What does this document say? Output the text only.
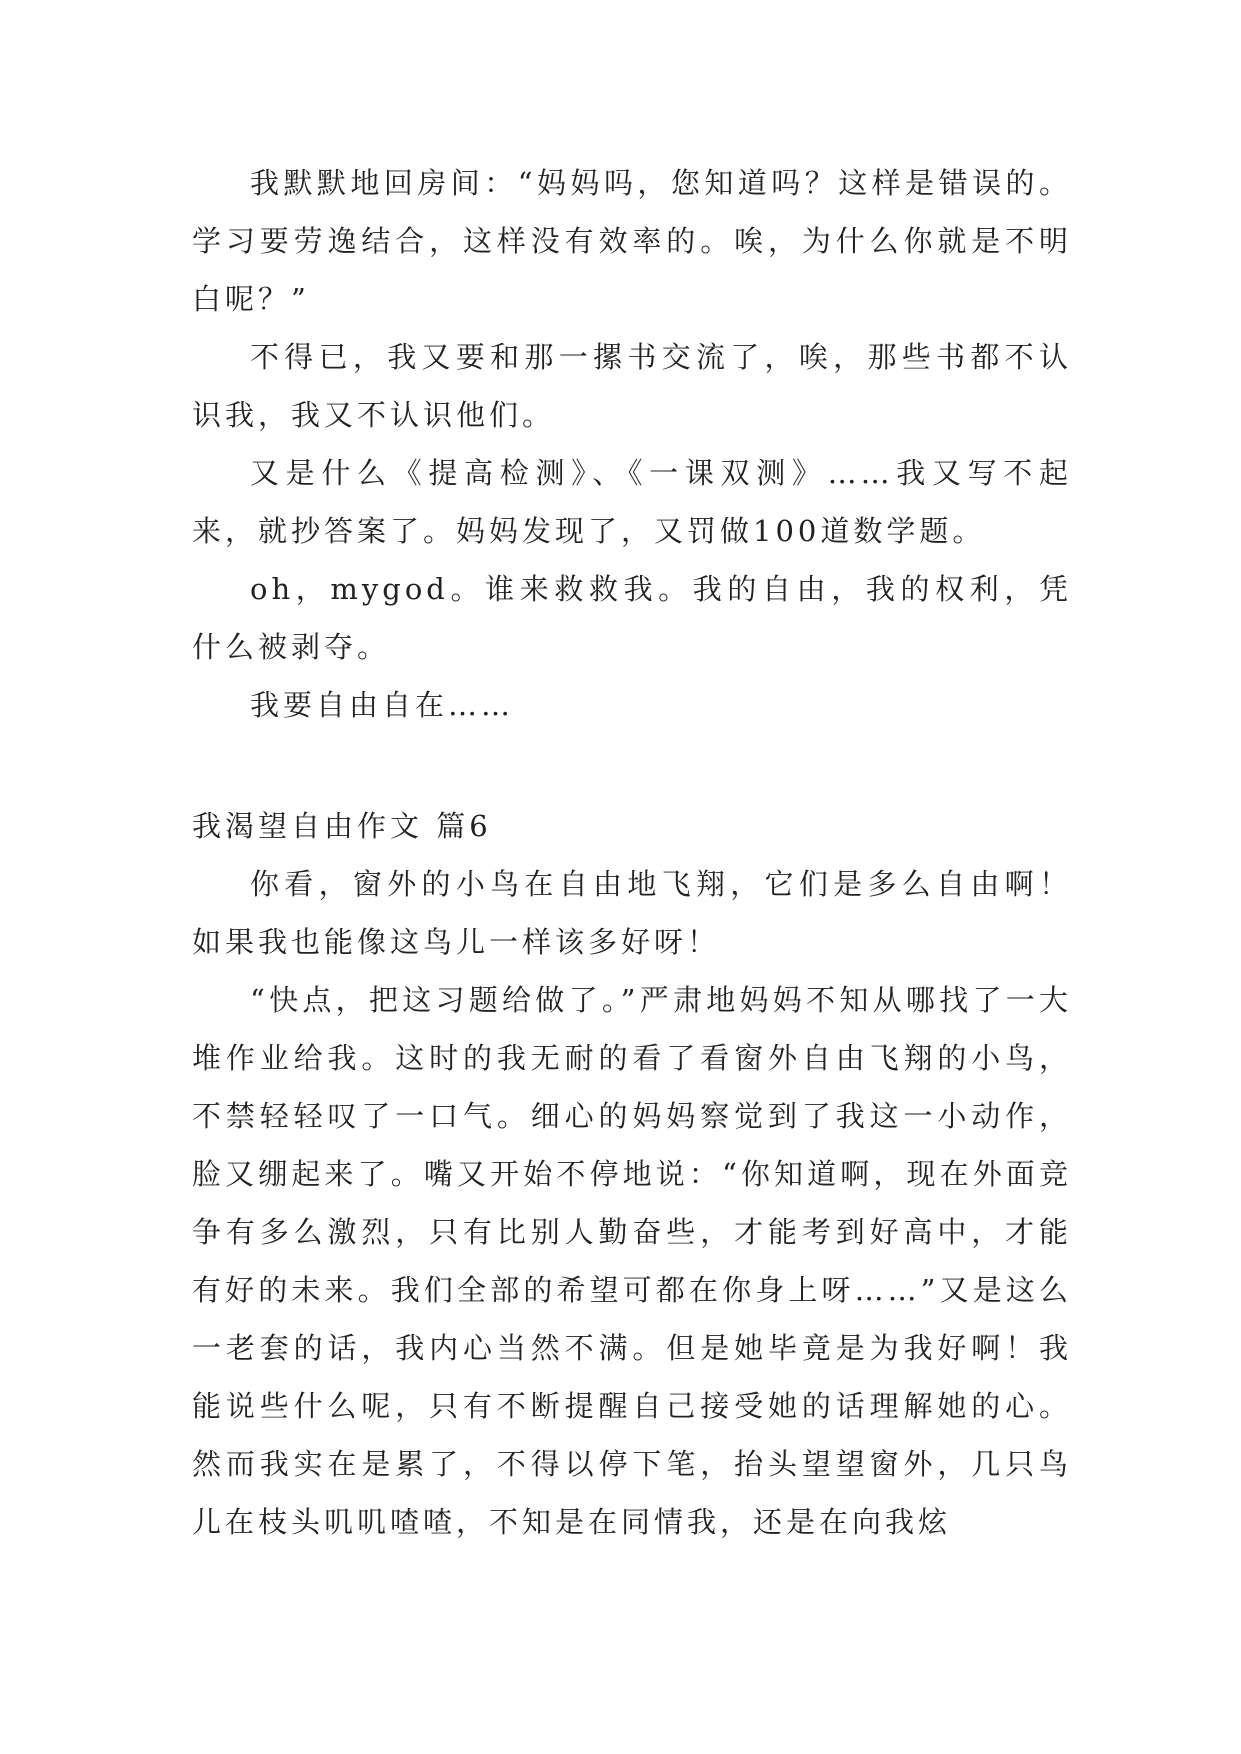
我默默地回房间：“妈妈吗，您知道吗？这样是错误的。学习要劳逸结合，这样没有效率的。唉，为什么你就是不明白呢？”

不得已，我又要和那一摞书交流了，唉，那些书都不认识我，我又不认识他们。

又是什么《提高检测》、《一课双测》……我又写不起来，就抄答案了。妈妈发现了，又罚做100道数学题。

oh，mygod。谁来救救我。我的自由，我的权利，凭什么被剥夺。

我要自由自在……

我渴望自由作文 篇6

你看，窗外的小鸟在自由地飞翔，它们是多么自由啊！如果我也能像这鸟儿一样该多好呀！

“快点，把这习题给做了。”严肃地妈妈不知从哪找了一大堆作业给我。这时的我无耐的看了看窗外自由飞翔的小鸟，不禁轻轻叹了一口气。细心的妈妈察觉到了我这一小动作，脸又绷起来了。嘴又开始不停地说：“你知道啊，现在外面竞争有多么激烈，只有比别人勤奋些，才能考到好高中，才能有好的未来。我们全部的希望可都在你身上呀……”又是这么一老套的话，我内心当然不满。但是她毕竟是为我好啊！我能说些什么呢，只有不断提醒自己接受她的话理解她的心。然而我实在是累了，不得以停下笔，抬头望望窗外，几只鸟儿在枝头叽叽喳喳，不知是在同情我，还是在向我炫
